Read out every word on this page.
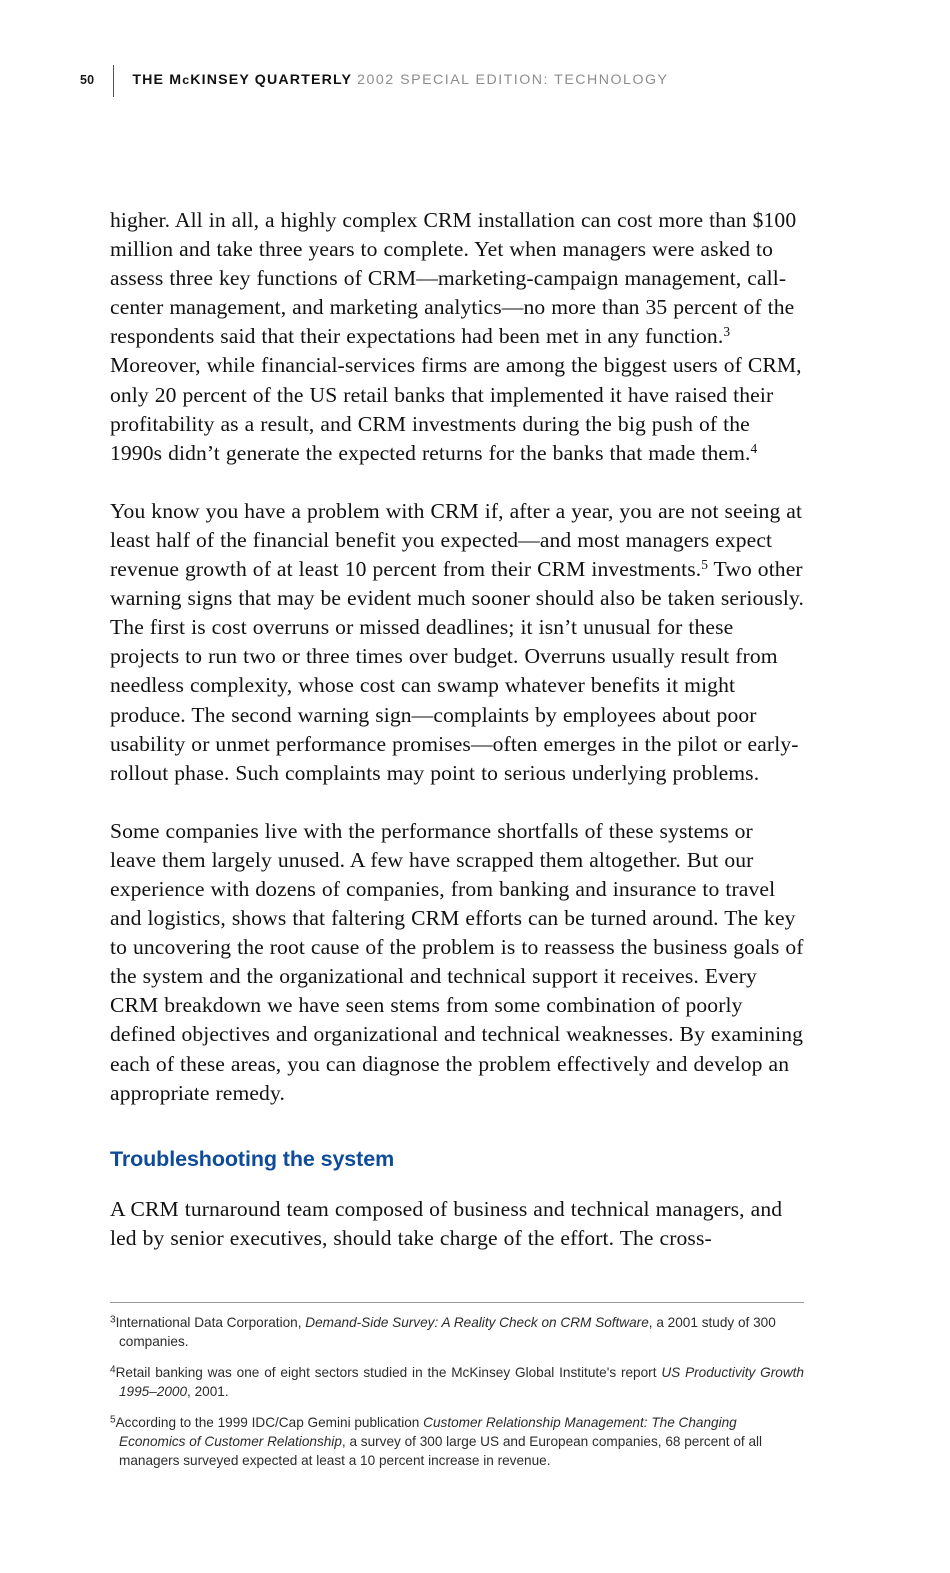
50	THE McKINSEY QUARTERLY 2002 SPECIAL EDITION: TECHNOLOGY

higher. All in all, a highly complex CRM installation can cost more than $100 million and take three years to complete. Yet when managers were asked to assess three key functions of CRM—marketing-campaign management, call-center management, and marketing analytics—no more than 35 percent of the respondents said that their expectations had been met in any function.$^3$ Moreover, while financial-services firms are among the biggest users of CRM, only 20 percent of the US retail banks that implemented it have raised their profitability as a result, and CRM investments during the big push of the 1990s didn’t generate the expected returns for the banks that made them.$^4$

You know you have a problem with CRM if, after a year, you are not seeing at least half of the financial benefit you expected—and most managers expect revenue growth of at least 10 percent from their CRM investments.$^5$ Two other warning signs that may be evident much sooner should also be taken seriously. The first is cost overruns or missed deadlines; it isn’t unusual for these projects to run two or three times over budget. Overruns usually result from needless complexity, whose cost can swamp whatever benefits it might produce. The second warning sign—complaints by employees about poor usability or unmet performance promises—often emerges in the pilot or early-rollout phase. Such complaints may point to serious underlying problems.

Some companies live with the performance shortfalls of these systems or leave them largely unused. A few have scrapped them altogether. But our experience with dozens of companies, from banking and insurance to travel and logistics, shows that faltering CRM efforts can be turned around. The key to uncovering the root cause of the problem is to reassess the business goals of the system and the organizational and technical support it receives. Every CRM breakdown we have seen stems from some combination of poorly defined objectives and organizational and technical weaknesses. By examining each of these areas, you can diagnose the problem effectively and develop an appropriate remedy.

Troubleshooting the system

A CRM turnaround team composed of business and technical managers, and led by senior executives, should take charge of the effort. The cross-

$^3$International Data Corporation, Demand-Side Survey: A Reality Check on CRM Software, a 2001 study of 300 companies.

$^4$Retail banking was one of eight sectors studied in the McKinsey Global Institute's report US Productivity Growth 1995–2000, 2001.

$^5$According to the 1999 IDC/Cap Gemini publication Customer Relationship Management: The Changing Economics of Customer Relationship, a survey of 300 large US and European companies, 68 percent of all managers surveyed expected at least a 10 percent increase in revenue.
